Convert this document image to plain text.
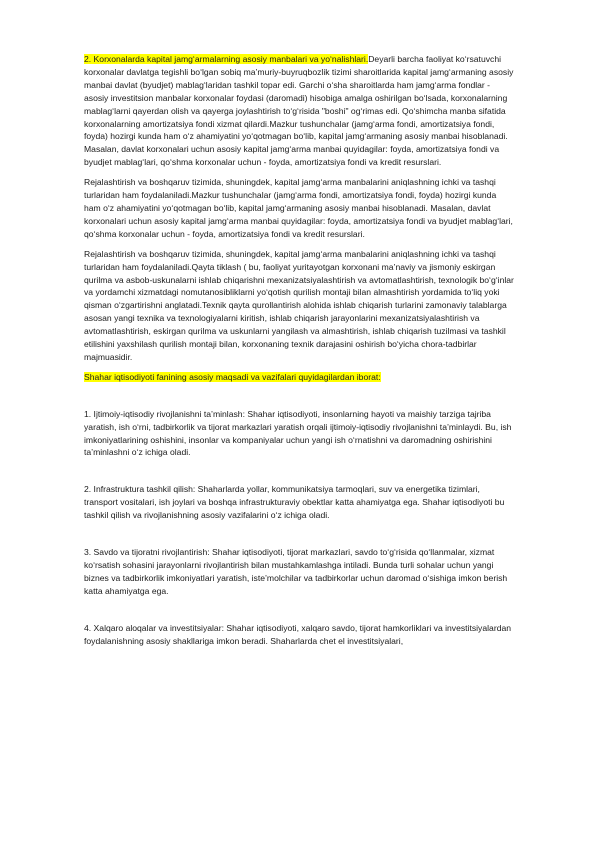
2. Korxonalarda kapital jamg‘armalarning asosiy manbalari va yo‘nalishlari.Deyarli barcha faoliyat ko‘rsatuvchi korxonalar davlatga tegishli bo‘lgan sobiq ma’muriy-buyruqbozlik tizimi sharoitlarida kapital jamg‘armaning asosiy manbai davlat (byudjet) mablag‘laridan tashkil topar edi. Garchi o‘sha sharoitlarda ham jamg‘arma fondlar - asosiy investitsion manbalar korxonalar foydasi (daromadi) hisobiga amalga oshirilgan bo‘lsada, korxonalarning mablag‘larni qayerdan olish va qayerga joylashtirish to‘g‘risida "boshi" og‘rimas edi. Qo‘shimcha manba sifatida korxonalarning amortizatsiya fondi xizmat qilardi.Mazkur tushunchalar (jamg‘arma fondi, amortizatsiya fondi, foyda) hozirgi kunda ham o‘z ahamiyatini yo‘qotmagan bo‘lib, kapital jamg‘armaning asosiy manbai hisoblanadi. Masalan, davlat korxonalari uchun asosiy kapital jamg‘arma manbai quyidagilar: foyda, amortizatsiya fondi va byudjet mablag‘lari, qo‘shma korxonalar uchun - foyda, amortizatsiya fondi va kredit resurslari.

Rejalashtirish va boshqaruv tizimida, shuningdek, kapital jamg‘arma manbalarini aniqlashning ichki va tashqi turlaridan ham foydalaniladi.Mazkur tushunchalar (jamg‘arma fondi, amortizatsiya fondi, foyda) hozirgi kunda ham o‘z ahamiyatini yo‘qotmagan bo‘lib, kapital jamg‘armaning asosiy manbai hisoblanadi. Masalan, davlat korxonalari uchun asosiy kapital jamg‘arma manbai quyidagilar: foyda, amortizatsiya fondi va byudjet mablag‘lari, qo‘shma korxonalar uchun - foyda, amortizatsiya fondi va kredit resurslari.

Rejalashtirish va boshqaruv tizimida, shuningdek, kapital jamg‘arma manbalarini aniqlashning ichki va tashqi turlaridan ham foydalaniladi.Qayta tiklash ( bu, faoliyat yuritayotgan korxonani ma’naviy va jismoniy eskirgan qurilma va asbob-uskunalarni ishlab chiqarishni mexanizatsiyalashtirish va avtomatlashtirish, texnologik bo‘g‘inlar va yordamchi xizmatdagi nomutanosibliklarni yo‘qotish qurilish montaji bilan almashtirish yordamida to‘liq yoki qisman o‘zgartirishni anglatadi.Texnik qayta qurollantirish alohida ishlab chiqarish turlarini zamonaviy talablarga asosan yangi texnika va texnologiyalarni kiritish, ishlab chiqarish jarayonlarini mexanizatsiyalashtirish va avtomatlashtirish, eskirgan qurilma va uskunlarni yangilash va almashtirish, ishlab chiqarish tuzilmasi va tashkil etilishini yaxshilash qurilish montaji bilan, korxonaning texnik darajasini oshirish bo‘yicha chora-tadbirlar majmuasidir.

Shahar iqtisodiyoti fanining asosiy maqsadi va vazifalari quyidagilardan iborat:

1. Ijtimoiy-iqtisodiy rivojlanishni ta’minlash: Shahar iqtisodiyoti, insonlarning hayoti va maishiy tarziga tajriba yaratish, ish o‘rni, tadbirkorlik va tijorat markazlari yaratish orqali ijtimoiy-iqtisodiy rivojlanishni ta’minlaydi. Bu, ish imkoniyatlarining oshishini, insonlar va kompaniyalar uchun yangi ish o‘rnatishni va daromadning oshirishini ta’minlashni o‘z ichiga oladi.

2. Infrastruktura tashkil qilish: Shaharlarda yollar, kommunikatsiya tarmoqlari, suv va energetika tizimlari, transport vositalari, ish joylari va boshqa infrastrukturaviy obektlar katta ahamiyatga ega. Shahar iqtisodiyoti bu tashkil qilish va rivojlanishning asosiy vazifalarini o‘z ichiga oladi.

3. Savdo va tijoratni rivojlantirish: Shahar iqtisodiyoti, tijorat markazlari, savdo to‘g‘risida qo‘llanmalar, xizmat ko‘rsatish sohasini jarayonlarni rivojlantirish bilan mustahkamlashga intiladi. Bunda turli sohalar uchun yangi biznes va tadbirkorlik imkoniyatlari yaratish, iste’molchilar va tadbirkorlar uchun daromad o‘sishiga imkon berish katta ahamiyatga ega.

4. Xalqaro aloqalar va investitsiyalar: Shahar iqtisodiyoti, xalqaro savdo, tijorat hamkorliklari va investitsiyalardan foydalanishning asosiy shakllariga imkon beradi. Shaharlarda chet el investitsiyalari,
